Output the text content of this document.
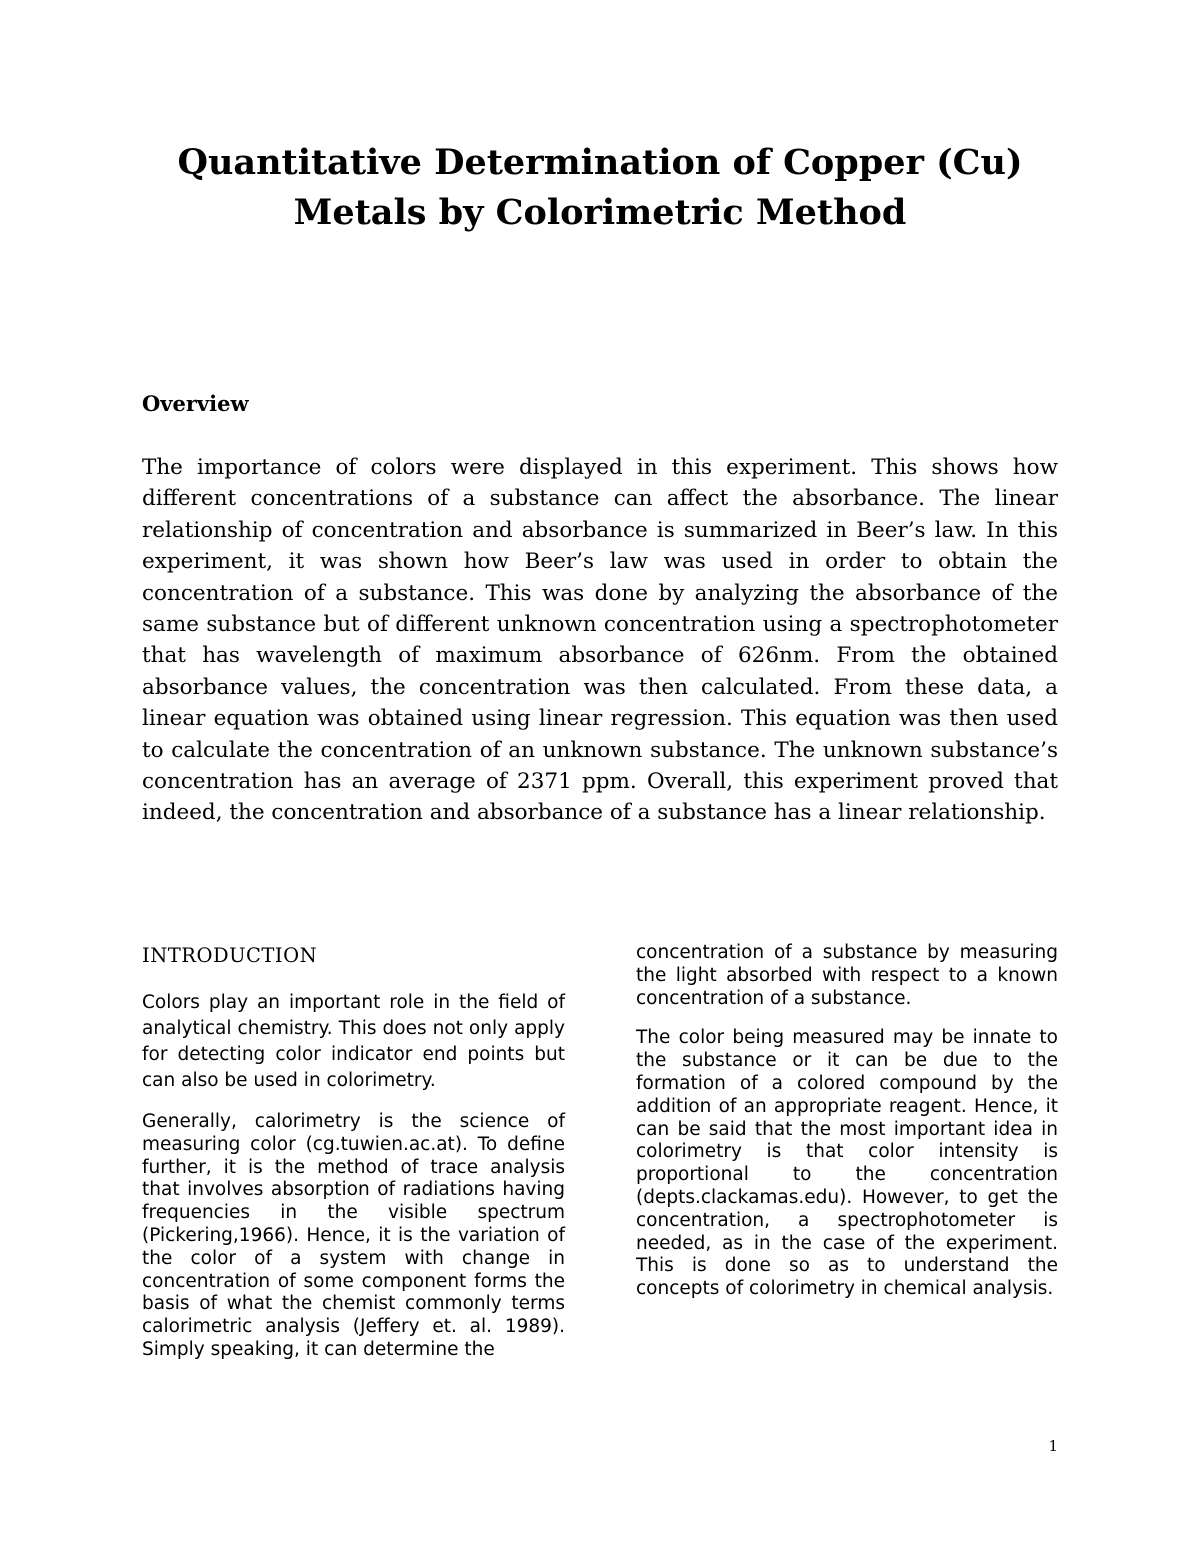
Quantitative Determination of Copper (Cu)
Metals by Colorimetric Method
Overview

The importance of colors were displayed in this experiment. This shows how different concentrations of a substance can affect the absorbance. The linear relationship of concentration and absorbance is summarized in Beer’s law. In this experiment, it was shown how Beer’s law was used in order to obtain the concentration of a substance. This was done by analyzing the absorbance of the same substance but of different unknown concentration using a spectrophotometer that has wavelength of maximum absorbance of 626nm. From the obtained absorbance values, the concentration was then calculated. From these data, a linear equation was obtained using linear regression. This equation was then used to calculate the concentration of an unknown substance. The unknown substance’s concentration has an average of 2371 ppm. Overall, this experiment proved that indeed, the concentration and absorbance of a substance has a linear relationship.

INTRODUCTION

Colors play an important role in the field of analytical chemistry. This does not only apply for detecting color indicator end points but can also be used in colorimetry.

Generally, calorimetry is the science of measuring color (cg.tuwien.ac.at). To define further, it is the method of trace analysis that involves absorption of radiations having frequencies in the visible spectrum (Pickering,1966). Hence, it is the variation of the color of a system with change in concentration of some component forms the basis of what the chemist commonly terms calorimetric analysis (Jeffery et. al. 1989). Simply speaking, it can determine the

concentration of a substance by measuring the light absorbed with respect to a known concentration of a substance.

The color being measured may be innate to the substance or it can be due to the formation of a colored compound by the addition of an appropriate reagent. Hence, it can be said that the most important idea in colorimetry is that color intensity is proportional to the concentration (depts.clackamas.edu). However, to get the concentration, a spectrophotometer is needed, as in the case of the experiment. This is done so as to understand the concepts of colorimetry in chemical analysis.

1
